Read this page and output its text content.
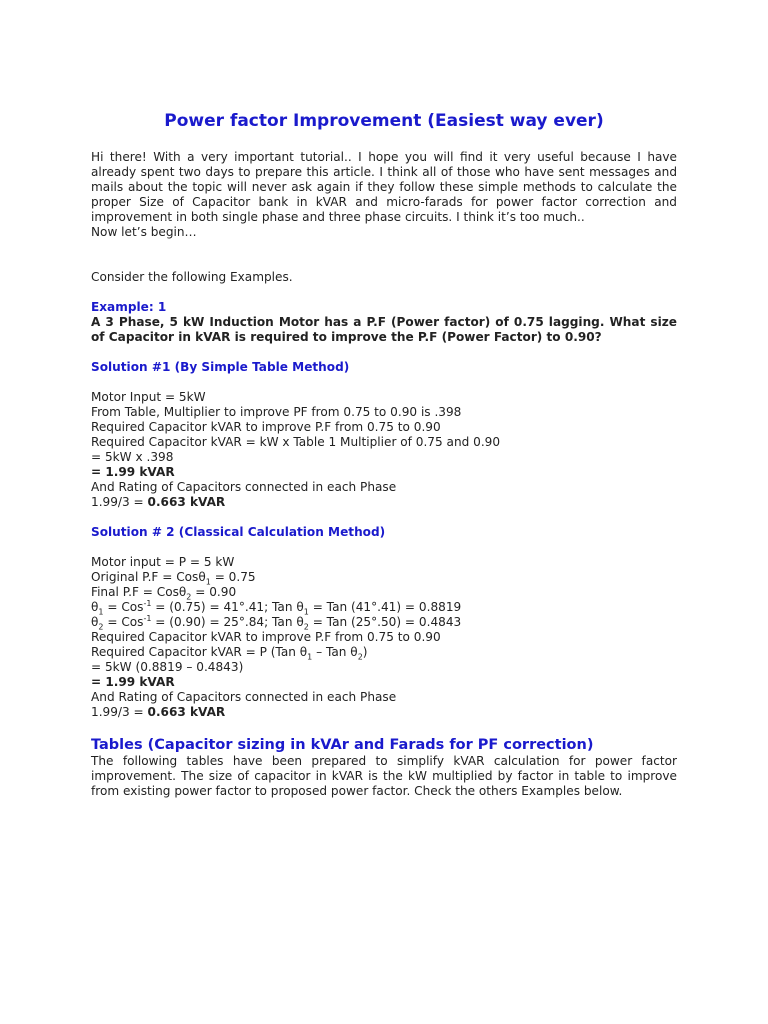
Power factor Improvement (Easiest way ever)
Hi there! With a very important tutorial.. I hope you will find it very useful because I have already spent two days to prepare this article. I think all of those who have sent messages and mails about the topic will never ask again if they follow these simple methods to calculate the proper Size of Capacitor bank in kVAR and micro-farads for power factor correction and improvement in both single phase and three phase circuits. I think it’s too much..
Now let’s begin…
Consider the following Examples.
Example: 1
A 3 Phase, 5 kW Induction Motor has a P.F (Power factor) of 0.75 lagging. What size of Capacitor in kVAR is required to improve the P.F (Power Factor) to 0.90?
Solution #1 (By Simple Table Method)
Motor Input = 5kW
From Table, Multiplier to improve PF from 0.75 to 0.90 is .398
Required Capacitor kVAR to improve P.F from 0.75 to 0.90
Required Capacitor kVAR = kW x Table 1 Multiplier of 0.75 and 0.90
= 5kW x .398
= 1.99 kVAR
And Rating of Capacitors connected in each Phase
1.99/3 = 0.663 kVAR
Solution # 2 (Classical Calculation Method)
Motor input = P = 5 kW
Original P.F = Cosθ$_1$ = 0.75
Final P.F = Cosθ$_2$ = 0.90
$\theta_1 = Cos^{-1} = (0.75) = 41^\circ.41$; Tan $\theta_1$ = Tan (41°.41) = 0.8819
$\theta_2 = Cos^{-1} = (0.90) = 25^\circ.84$; Tan $\theta_2$ = Tan (25°.50) = 0.4843
Required Capacitor kVAR to improve P.F from 0.75 to 0.90
Required Capacitor kVAR = P (Tan $\theta_1$ – Tan $\theta_2$)
= 5kW (0.8819 – 0.4843)
= 1.99 kVAR
And Rating of Capacitors connected in each Phase
1.99/3 = 0.663 kVAR
Tables (Capacitor sizing in kVAr and Farads for PF correction)

The following tables have been prepared to simplify kVAR calculation for power factor improvement. The size of capacitor in kVAR is the kW multiplied by factor in table to improve from existing power factor to proposed power factor. Check the others Examples below.
